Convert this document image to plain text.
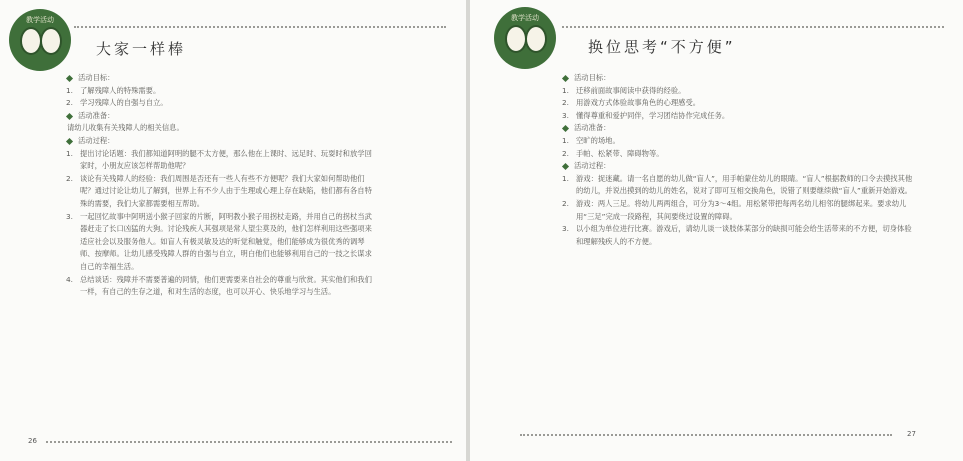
教学活动
大家一样棒
活动目标：
1. 了解残障人的特殊需要。
2. 学习残障人的自强与自立。
活动准备：
请幼儿收集有关残障人的相关信息。
活动过程：
1. 提出讨论话题：我们都知道阿明的腿不太方便，那么他在上课时、远足时、玩耍时和放学回家时，小朋友应该怎样帮助他呢？
2. 谈论有关残障人的经验：我们周围是否还有一些人有些不方便呢？我们大家如何帮助他们呢？通过讨论让幼儿了解到，世界上有不少人由于生理或心理上存在缺陷，他们都有各自特殊的需要，我们大家都需要相互帮助。
3. 一起回忆故事中阿明送小猴子回家的片断，阿明教小猴子用拐杖走路，并用自己的拐杖当武器赶走了长口凶猛的大狗。讨论残疾人其强项是常人望尘莫及的，他们怎样利用这些强项来适应社会以及服务他人。如盲人有极灵敏及达的听觉和触觉，他们能够成为很优秀的调琴师、按摩师。让幼儿感受残障人群的自强与自立，明白他们也能够利用自己的一技之长谋求自己的幸福生活。
4. 总结谈话：残障并不需要普遍的同情，他们更需要来自社会的尊重与欣赏。其实他们和我们一样，有自己的生存之道，和对生活的态度，也可以开心、快乐地学习与生活。
26
教学活动
换位思考“不方便”
活动目标：
1. 迁移前面故事阅读中获得的经验。
2. 用游戏方式体验故事角色的心理感受。
3. 懂得尊重和爱护同伴，学习团结协作完成任务。
活动准备：
1. 空旷的场地。
2. 手帕、松紧带、障碍物等。
活动过程：
1. 游戏：捉迷藏。请一名自愿的幼儿做“盲人”，用手帕蒙住幼儿的眼睛。“盲人”根据教师的口令去摸找其他的幼儿，并说出摸到的幼儿的姓名，说对了即可互相交换角色，说错了则要继续做“盲人”重新开始游戏。
2. 游戏：两人三足。将幼儿两两组合，可分为3～4组。用松紧带把每两名幼儿相邻的腿绑起来。要求幼儿用“三足”完成一段路程，其间要绕过设置的障碍。
3. 以小组为单位进行比赛。游戏后，请幼儿谈一谈肢体某部分的缺损可能会给生活带来的不方便，切身体验和理解残疾人的不方便。
27
